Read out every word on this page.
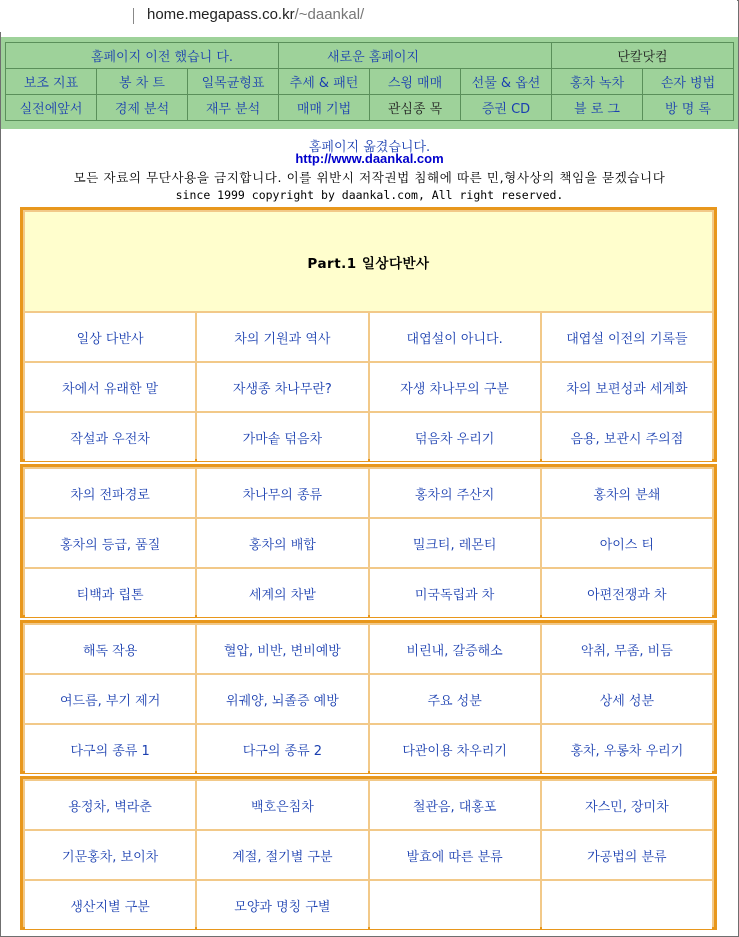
home.megapass.co.kr/~daankal/
홈페이지 이전 했습니 다.			새로운 홈페이지			단칼닷컴	
보조 지표	봉 차 트	일목균형표	추세 & 패턴	스윙 매매	선물 & 옵션	홍차 녹차	손자 병법
실전에앞서	경제 분석	재무 분석	매매 기법	관심종 목	증권 CD	블 로 그	방 명 록
홈페이지 옮겼습니다.
http://www.daankal.com
모든 자료의 무단사용을 금지합니다. 이를 위반시 저작권법 침해에 따른 민,형사상의 책임을 묻겠습니다
since 1999 copyright by daankal.com, All right reserved.
Part.1 일상다반사			
일상 다반사	차의 기원과 역사	대엽설이 아니다.	대엽설 이전의 기록들
차에서 유래한 말	자생종 차나무란?	자생 차나무의 구분	차의 보편성과 세계화
작설과 우전차	가마솥 덖음차	덖음차 우리기	음용, 보관시 주의점
차의 전파경로	차나무의 종류	홍차의 주산지	홍차의 분쇄
홍차의 등급, 품질	홍차의 배합	밀크티, 레몬티	아이스 티
티백과 립톤	세계의 차밭	미국독립과 차	아편전쟁과 차
해독 작용	혈압, 비반, 변비예방	비린내, 갈증해소	악취, 무좀, 비듬
여드름, 부기 제거	위궤양, 뇌졸증 예방	주요 성분	상세 성분
다구의 종류 1	다구의 종류 2	다관이용 차우리기	홍차, 우롱차 우리기
용정차, 벽라춘	백호은침차	철관음, 대홍포	자스민, 장미차
기문홍차, 보이차	계절, 절기별 구분	발효에 따른 분류	가공법의 분류
생산지별 구분	모양과 명칭 구별		
